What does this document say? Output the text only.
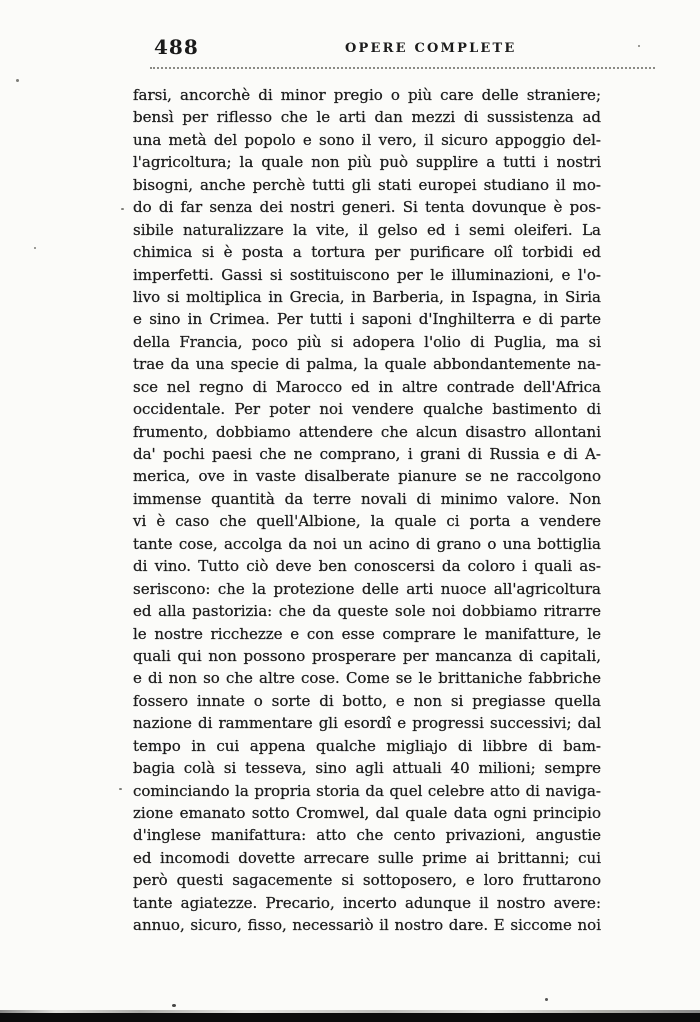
488	OPERE COMPLETE
farsi, ancorchè di minor pregio o più care delle straniere;
bensì per riflesso che le arti dan mezzi di sussistenza ad
una metà del popolo e sono il vero, il sicuro appoggio del-
l'agricoltura; la quale non più può supplire a tutti i nostri
bisogni, anche perchè tutti gli stati europei studiano il mo-
do di far senza dei nostri generi. Si tenta dovunque è pos-
sibile naturalizzare la vite, il gelso ed i semi oleiferi. La
chimica si è posta a tortura per purificare olî torbidi ed
imperfetti. Gassi si sostituiscono per le illuminazioni, e l'o-
livo si moltiplica in Grecia, in Barberia, in Ispagna, in Siria
e sino in Crimea. Per tutti i saponi d'Inghilterra e di parte
della Francia, poco più si adopera l'olio di Puglia, ma si
trae da una specie di palma, la quale abbondantemente na-
sce nel regno di Marocco ed in altre contrade dell'Africa
occidentale. Per poter noi vendere qualche bastimento di
frumento, dobbiamo attendere che alcun disastro allontani
da' pochi paesi che ne comprano, i grani di Russia e di A-
merica, ove in vaste disalberate pianure se ne raccolgono
immense quantità da terre novali di minimo valore. Non
vi è caso che quell'Albione, la quale ci porta a vendere
tante cose, accolga da noi un acino di grano o una bottiglia
di vino. Tutto ciò deve ben conoscersi da coloro i quali as-
seriscono: che la protezione delle arti nuoce all'agricoltura
ed alla pastorizia: che da queste sole noi dobbiamo ritrarre
le nostre ricchezze e con esse comprare le manifatture, le
quali qui non possono prosperare per mancanza di capitali,
e di non so che altre cose. Come se le brittaniche fabbriche
fossero innate o sorte di botto, e non si pregiasse quella
nazione di rammentare gli esordî e progressi successivi; dal
tempo in cui appena qualche migliajo di libbre di bam-
bagia colà si tesseva, sino agli attuali 40 milioni; sempre
cominciando la propria storia da quel celebre atto di naviga-
zione emanato sotto Cromwel, dal quale data ogni principio
d'inglese manifattura: atto che cento privazioni, angustie
ed incomodi dovette arrecare sulle prime ai brittanni; cui
però questi sagacemente si sottoposero, e loro fruttarono
tante agiatezze. Precario, incerto adunque il nostro avere:
annuo, sicuro, fisso, necessariò il nostro dare. E siccome noi
